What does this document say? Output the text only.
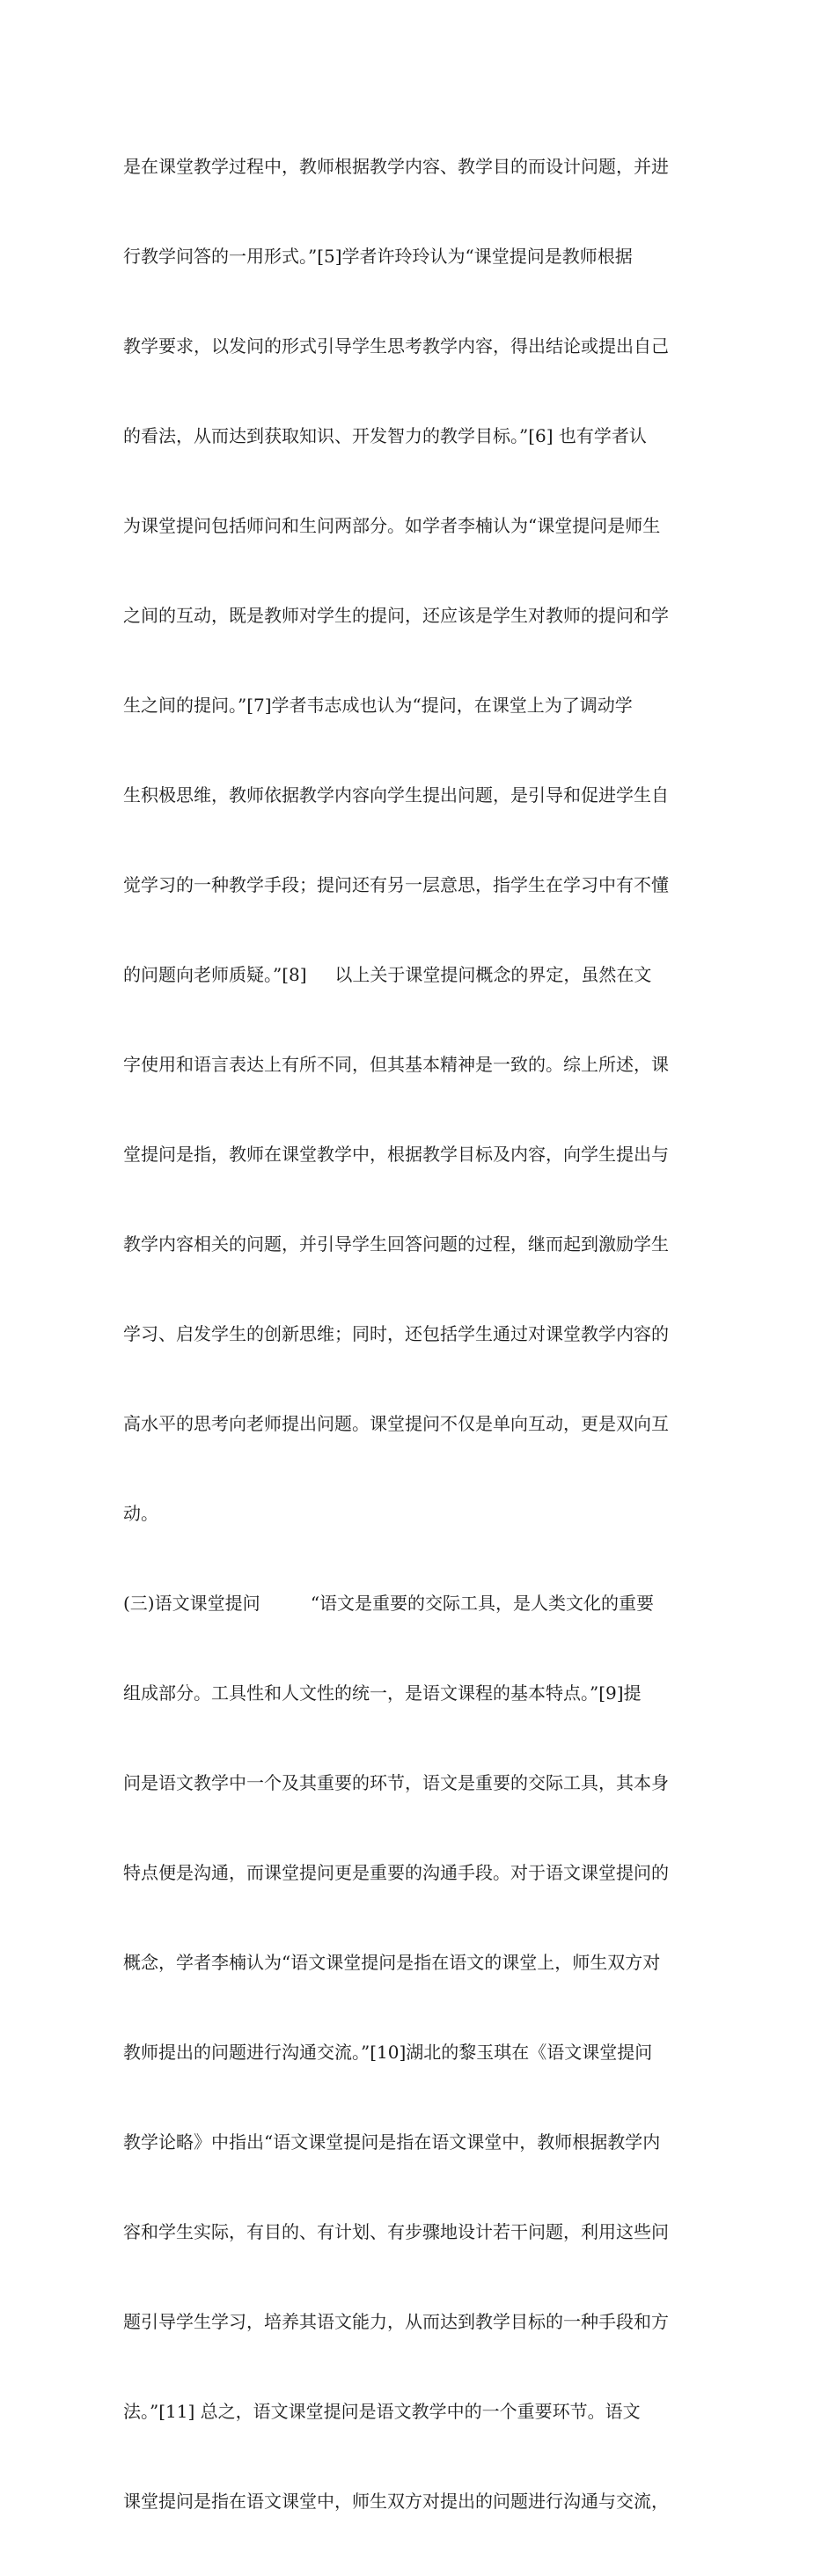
是在课堂教学过程中，教师根据教学内容、教学目的而设计问题，并进

行教学问答的一用形式。”[5]学者许玲玲认为“课堂提问是教师根据

教学要求，以发问的形式引导学生思考教学内容，得出结论或提出自己

的看法，从而达到获取知识、开发智力的教学目标。”[6] 也有学者认

为课堂提问包括师问和生问两部分。如学者李楠认为“课堂提问是师生

之间的互动，既是教师对学生的提问，还应该是学生对教师的提问和学

生之间的提问。”[7]学者韦志成也认为“提问，在课堂上为了调动学

生积极思维，教师依据教学内容向学生提出问题，是引导和促进学生自

觉学习的一种教学手段；提问还有另一层意思，指学生在学习中有不懂

的问题向老师质疑。”[8]     以上关于课堂提问概念的界定，虽然在文

字使用和语言表达上有所不同，但其基本精神是一致的。综上所述，课

堂提问是指，教师在课堂教学中，根据教学目标及内容，向学生提出与

教学内容相关的问题，并引导学生回答问题的过程，继而起到激励学生

学习、启发学生的创新思维；同时，还包括学生通过对课堂教学内容的

高水平的思考向老师提出问题。课堂提问不仅是单向互动，更是双向互

动。

(三)语文课堂提问         “语文是重要的交际工具，是人类文化的重要

组成部分。工具性和人文性的统一，是语文课程的基本特点。”[9]提

问是语文教学中一个及其重要的环节，语文是重要的交际工具，其本身

特点便是沟通，而课堂提问更是重要的沟通手段。对于语文课堂提问的

概念，学者李楠认为“语文课堂提问是指在语文的课堂上，师生双方对

教师提出的问题进行沟通交流。”[10]湖北的黎玉琪在《语文课堂提问

教学论略》中指出“语文课堂提问是指在语文课堂中，教师根据教学内

容和学生实际，有目的、有计划、有步骤地设计若干问题，利用这些问

题引导学生学习，培养其语文能力，从而达到教学目标的一种手段和方

法。”[11] 总之，语文课堂提问是语文教学中的一个重要环节。语文

课堂提问是指在语文课堂中，师生双方对提出的问题进行沟通与交流，
